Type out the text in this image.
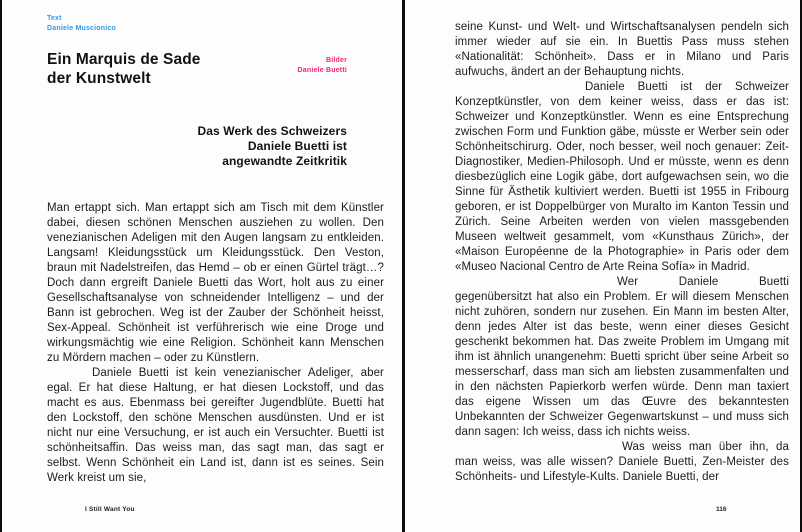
Text
Daniele Muscionico
Ein Marquis de Sade
der Kunstwelt
Bilder
Daniele Buetti
Das Werk des Schweizers
Daniele Buetti ist
angewandte Zeitkritik

Man ertappt sich. Man ertappt sich am Tisch mit dem Künstler dabei, diesen schönen Menschen ausziehen zu wollen. Den venezianischen Adeligen mit den Augen langsam zu entkleiden. Langsam! Kleidungsstück um Kleidungsstück. Den Veston, braun mit Nadelstreifen, das Hemd – ob er einen Gürtel trägt…? Doch dann ergreift Daniele Buetti das Wort, holt aus zu einer Gesellschaftsanalyse von schneidender Intelligenz – und der Bann ist gebrochen. Weg ist der Zauber der Schönheit heisst, Sex-Appeal. Schönheit ist verführerisch wie eine Droge und wirkungsmächtig wie eine Religion. Schönheit kann Menschen zu Mördern machen – oder zu Künstlern.

Daniele Buetti ist kein venezianischer Adeliger, aber egal. Er hat diese Haltung, er hat diesen Lockstoff, und das macht es aus. Ebenmass bei gereifter Jugendblüte. Buetti hat den Lockstoff, den schöne Menschen ausdünsten. Und er ist nicht nur eine Versuchung, er ist auch ein Versuchter. Buetti ist schönheitsaffin. Das weiss man, das sagt man, das sagt er selbst. Wenn Schönheit ein Land ist, dann ist es seines. Sein Werk kreist um sie,

I Still Want You

seine Kunst- und Welt- und Wirtschaftsanalysen pendeln sich immer wieder auf sie ein. In Buettis Pass muss stehen «Nationalität: Schönheit». Dass er in Milano und Paris aufwuchs, ändert an der Behauptung nichts.

Daniele Buetti ist der Schweizer Konzeptkünstler, von dem keiner weiss, dass er das ist: Schweizer und Konzeptkünstler. Wenn es eine Entsprechung zwischen Form und Funktion gäbe, müsste er Werber sein oder Schönheitschirurg. Oder, noch besser, weil noch genauer: Zeit-Diagnostiker, Medien-Philosoph. Und er müsste, wenn es denn diesbezüglich eine Logik gäbe, dort aufgewachsen sein, wo die Sinne für Ästhetik kultiviert werden. Buetti ist 1955 in Fribourg geboren, er ist Doppelbürger von Muralto im Kanton Tessin und Zürich. Seine Arbeiten werden von vielen massgebenden Museen weltweit gesammelt, vom «Kunsthaus Zürich», der «Maison Européenne de la Photographie» in Paris oder dem «Museo Nacional Centro de Arte Reina Sofía» in Madrid.

Wer Daniele Buetti gegenübersitzt hat also ein Problem. Er will diesem Menschen nicht zuhören, sondern nur zusehen. Ein Mann im besten Alter, denn jedes Alter ist das beste, wenn einer dieses Gesicht geschenkt bekommen hat. Das zweite Problem im Umgang mit ihm ist ähnlich unangenehm: Buetti spricht über seine Arbeit so messerscharf, dass man sich am liebsten zusammenfalten und in den nächsten Papierkorb werfen würde. Denn man taxiert das eigene Wissen um das Œuvre des bekanntesten Unbekannten der Schweizer Gegenwartskunst – und muss sich dann sagen: Ich weiss, dass ich nichts weiss.

Was weiss man über ihn, da man weiss, was alle wissen? Daniele Buetti, Zen-Meister des Schönheits- und Lifestyle-Kults. Daniele Buetti, der

116
